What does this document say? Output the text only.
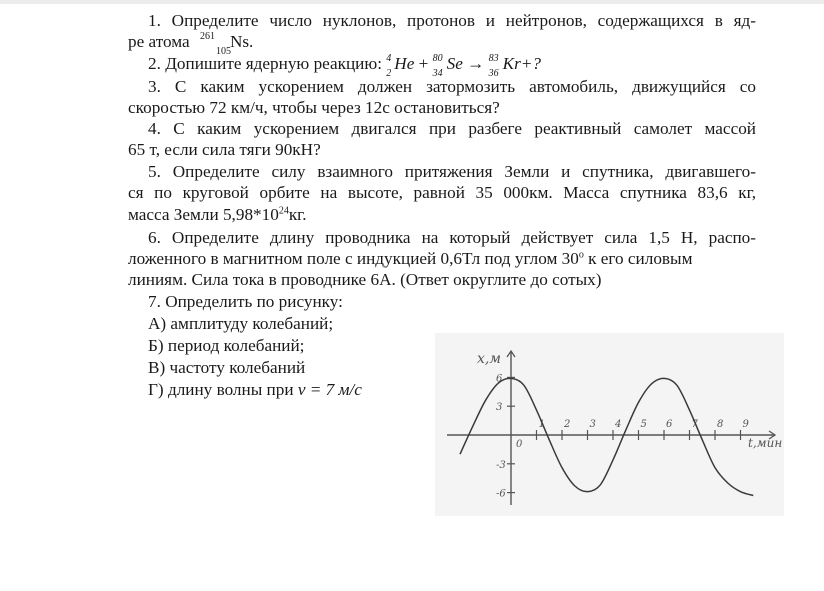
1. Определите число нуклонов, протонов и нейтронов, содержащихся в яд-
ре атома 261
105
Ns.
2. Допишите ядерную реакцию: 4
2
He + 80
34
Se → 83
36
Kr+?
3. С каким ускорением должен затормозить автомобиль, движущийся со
скоростью 72 км/ч, чтобы через 12с остановиться?
4. С каким ускорением двигался при разбеге реактивный самолет массой
65 т, если сила тяги 90кН?
5. Определите силу взаимного притяжения Земли и спутника, двигавшего-
ся по круговой орбите на высоте, равной 35 000км. Масса спутника 83,6 кг,
масса Земли $5,98*10^{24}кг$.
6. Определите длину проводника на который действует сила 1,5 Н, распо-
ложенного в магнитном поле с индукцией 0,6Тл под углом 30$^o$ к его силовым
линиям. Сила тока в проводнике 6А. (Ответ округлите до сотых)
7. Определить по рисунку:
А) амплитуду колебаний;
Б) период колебаний;
В) частоту колебаний
Г) длину волны при v = 7 м/с
1 2 3 4 5 6 7 8 9
6
3
0
-3
-6
x,м
t,мин
